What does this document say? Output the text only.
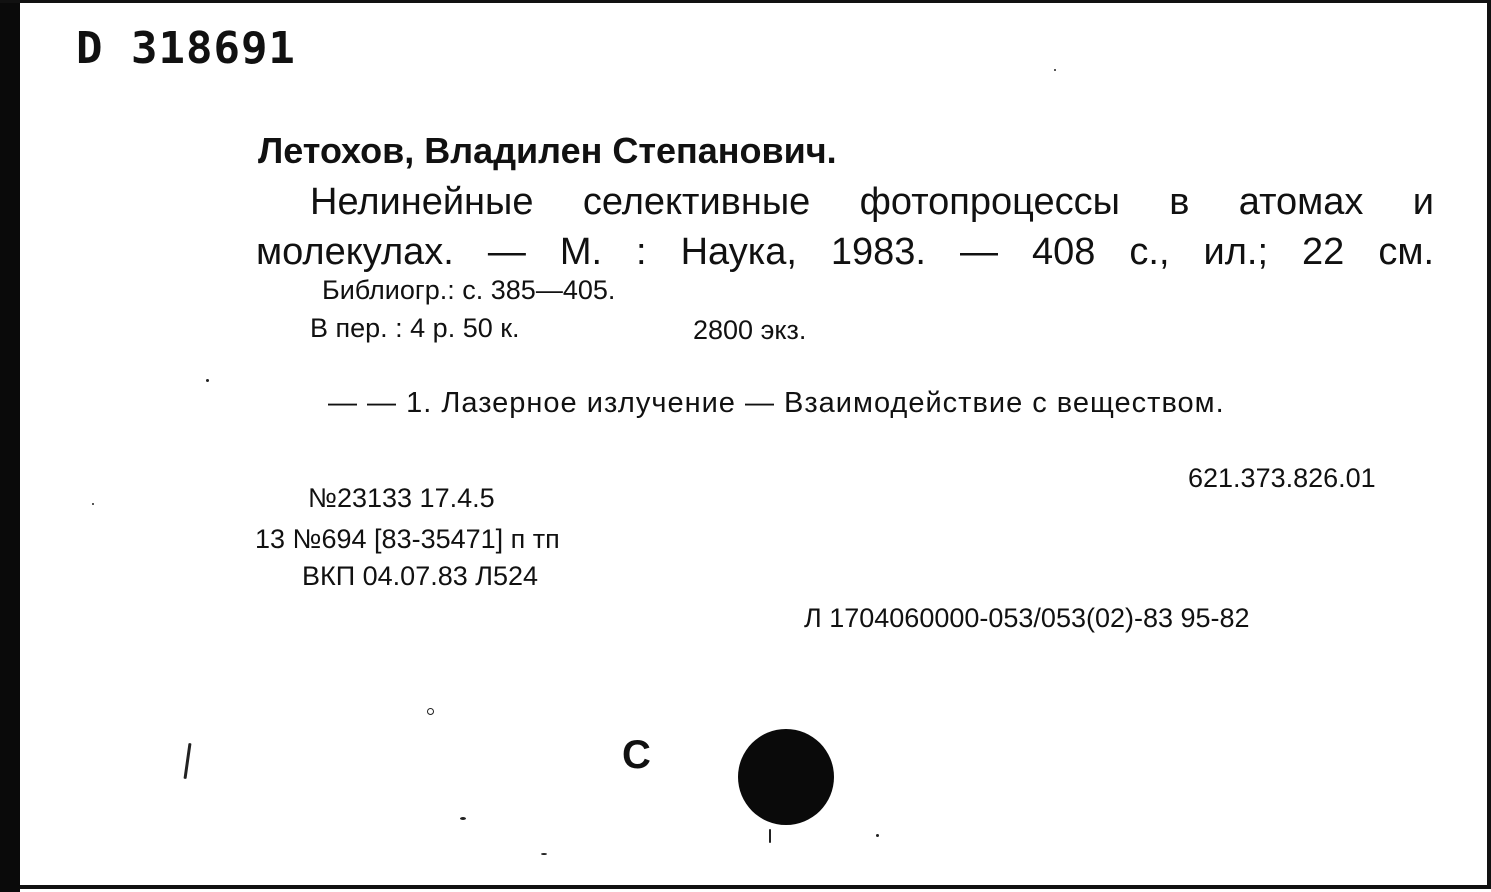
D 318691
Летохов, Владилен Степанович.
Нелинейные селективные фотопроцессы в атомах и
молекулах. — М. : Наука, 1983. — 408 с., ил.; 22 см.
Библиогр.: с. 385—405.
В пер. : 4 р. 50 к.	2800 экз.
— — 1. Лазерное излучение — Взаимодействие с веществом.
621.373.826.01
№23133 17.4.5
13 №694 [83-35471] п тп
ВКП 04.07.83 Л524
Л 1704060000-053/053(02)-83 95-82
С
